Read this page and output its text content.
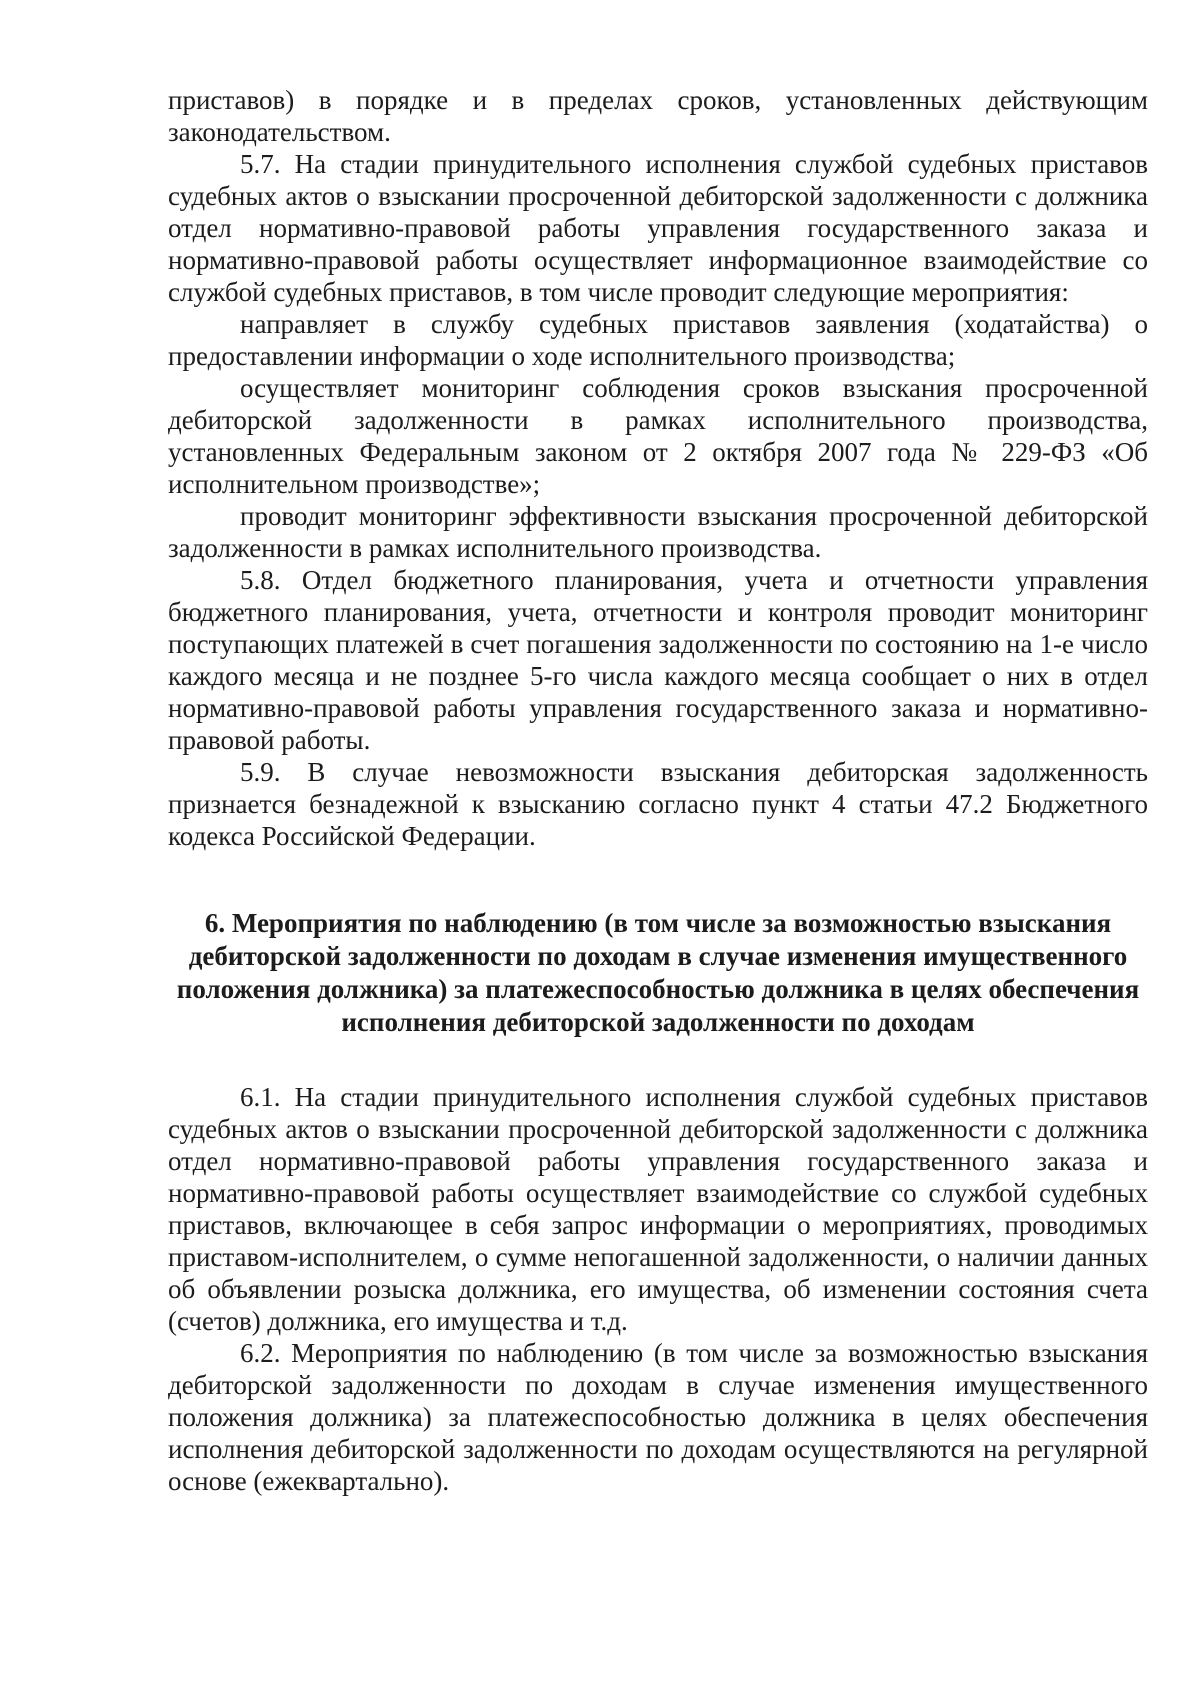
приставов) в порядке и в пределах сроков, установленных действующим законодательством.

5.7. На стадии принудительного исполнения службой судебных приставов судебных актов о взыскании просроченной дебиторской задолженности с должника отдел нормативно-правовой работы управления государственного заказа и нормативно-правовой работы осуществляет информационное взаимодействие со службой судебных приставов, в том числе проводит следующие мероприятия:

направляет в службу судебных приставов заявления (ходатайства) о предоставлении информации о ходе исполнительного производства;

осуществляет мониторинг соблюдения сроков взыскания просроченной дебиторской задолженности в рамках исполнительного производства, установленных Федеральным законом от 2 октября 2007 года № 229-ФЗ «Об исполнительном производстве»;

проводит мониторинг эффективности взыскания просроченной дебиторской задолженности в рамках исполнительного производства.

5.8. Отдел бюджетного планирования, учета и отчетности управления бюджетного планирования, учета, отчетности и контроля проводит мониторинг поступающих платежей в счет погашения задолженности по состоянию на 1-е число каждого месяца и не позднее 5-го числа каждого месяца сообщает о них в отдел нормативно-правовой работы управления государственного заказа и нормативно-правовой работы.

5.9. В случае невозможности взыскания дебиторская задолженность признается безнадежной к взысканию согласно пункт 4 статьи 47.2 Бюджетного кодекса Российской Федерации.

6. Мероприятия по наблюдению (в том числе за возможностью взыскания дебиторской задолженности по доходам в случае изменения имущественного положения должника) за платежеспособностью должника в целях обеспечения исполнения дебиторской задолженности по доходам

6.1. На стадии принудительного исполнения службой судебных приставов судебных актов о взыскании просроченной дебиторской задолженности с должника отдел нормативно-правовой работы управления государственного заказа и нормативно-правовой работы осуществляет взаимодействие со службой судебных приставов, включающее в себя запрос информации о мероприятиях, проводимых приставом-исполнителем, о сумме непогашенной задолженности, о наличии данных об объявлении розыска должника, его имущества, об изменении состояния счета (счетов) должника, его имущества и т.д.

6.2. Мероприятия по наблюдению (в том числе за возможностью взыскания дебиторской задолженности по доходам в случае изменения имущественного положения должника) за платежеспособностью должника в целях обеспечения исполнения дебиторской задолженности по доходам осуществляются на регулярной основе (ежеквартально).
